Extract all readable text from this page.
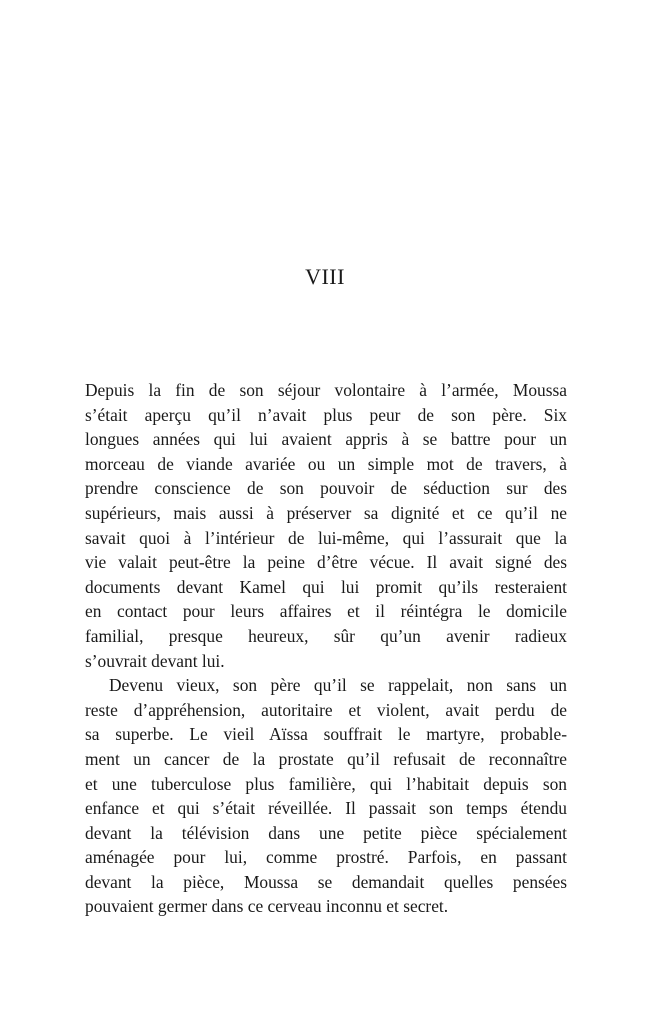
VIII
Depuis la fin de son séjour volontaire à l’armée, Moussa
s’était aperçu qu’il n’avait plus peur de son père. Six
longues années qui lui avaient appris à se battre pour un
morceau de viande avariée ou un simple mot de travers, à
prendre conscience de son pouvoir de séduction sur des
supérieurs, mais aussi à préserver sa dignité et ce qu’il ne
savait quoi à l’intérieur de lui-même, qui l’assurait que la
vie valait peut-être la peine d’être vécue. Il avait signé des
documents devant Kamel qui lui promit qu’ils resteraient
en contact pour leurs affaires et il réintégra le domicile
familial, presque heureux, sûr qu’un avenir radieux
s’ouvrait devant lui.
Devenu vieux, son père qu’il se rappelait, non sans un
reste d’appréhension, autoritaire et violent, avait perdu de
sa superbe. Le vieil Aïssa souffrait le martyre, probable-
ment un cancer de la prostate qu’il refusait de reconnaître
et une tuberculose plus familière, qui l’habitait depuis son
enfance et qui s’était réveillée. Il passait son temps étendu
devant la télévision dans une petite pièce spécialement
aménagée pour lui, comme prostré. Parfois, en passant
devant la pièce, Moussa se demandait quelles pensées
pouvaient germer dans ce cerveau inconnu et secret.
